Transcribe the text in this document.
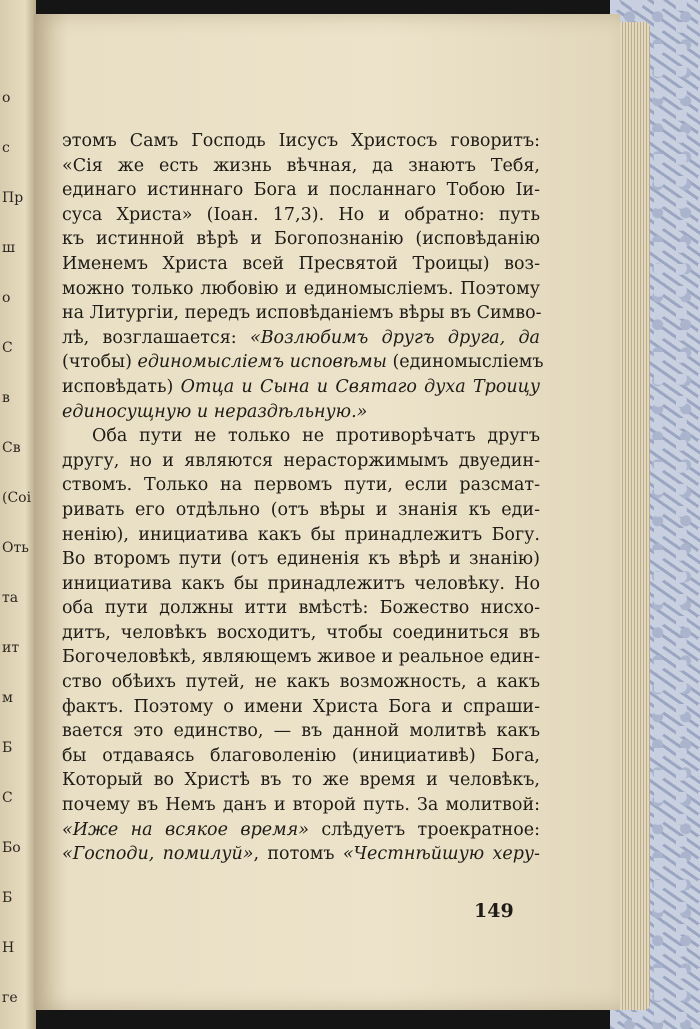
о
с
Пр
ш
о
С
в
Св
(Соі
Оть
та
ит
м
Б
С
Бо
Б
Н
ге
этомъ Самъ Господь Іисусъ Христосъ говоритъ:
«Сія же есть жизнь вѣчная, да знаютъ Тебя,
единаго истиннаго Бога и посланнаго Тобою Іи-
суса Христа» (Іоан. 17,3). Но и обратно: путь
къ истинной вѣрѣ и Богопознанію (исповѣданію
Именемъ Христа всей Пресвятой Троицы) воз-
можно только любовію и единомысліемъ. Поэтому
на Литургіи, передъ исповѣданіемъ вѣры въ Симво-
лѣ, возглашается: «Возлюбимъ другъ друга, да
(чтобы) единомысліемъ исповѣмы (единомысліемъ
исповѣдать) Отца и Сына и Святаго духа Троицу
единосущную и нераздѣльную.»
Оба пути не только не противорѣчатъ другъ
другу, но и являются нерасторжимымъ двуедин-
ствомъ. Только на первомъ пути, если разсмат-
ривать его отдѣльно (отъ вѣры и знанія къ еди-
ненію), инициатива какъ бы принадлежитъ Богу.
Во второмъ пути (отъ единенія къ вѣрѣ и знанію)
инициатива какъ бы принадлежитъ человѣку. Но
оба пути должны итти вмѣстѣ: Божество нисхо-
дитъ, человѣкъ восходитъ, чтобы соединиться въ
Богочеловѣкѣ, являющемъ живое и реальное един-
ство обѣихъ путей, не какъ возможность, а какъ
фактъ. Поэтому о имени Христа Бога и спраши-
вается это единство, — въ данной молитвѣ какъ
бы отдаваясь благоволенію (инициативѣ) Бога,
Который во Христѣ въ то же время и человѣкъ,
почему въ Немъ данъ и второй путь. За молитвой:
«Иже на всякое время» слѣдуетъ троекратное:
«Господи, помилуй», потомъ «Честнѣйшую херу-
149
